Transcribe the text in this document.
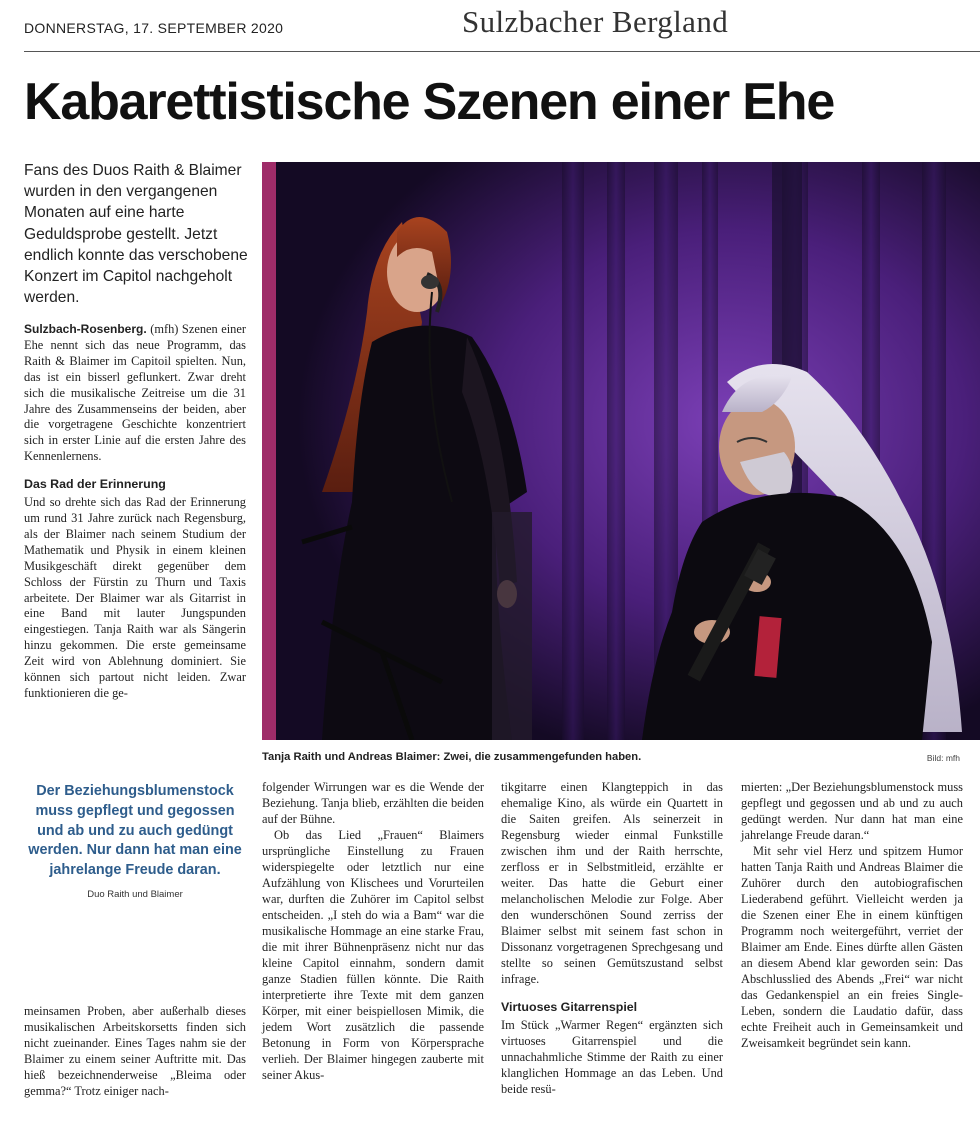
DONNERSTAG, 17. SEPTEMBER 2020	Sulzbacher Bergland
Kabarettistische Szenen einer Ehe
Fans des Duos Raith & Blaimer wurden in den vergangenen Monaten auf eine harte Geduldsprobe gestellt. Jetzt endlich konnte das verschobene Konzert im Capitol nachgeholt werden.

Sulzbach-Rosenberg. (mfh) Szenen einer Ehe nennt sich das neue Programm, das Raith & Blaimer im Capitoil spielten. Nun, das ist ein bisserl geflunkert. Zwar dreht sich die musikalische Zeitreise um die 31 Jahre des Zusammenseins der beiden, aber die vorgetragene Geschichte konzentriert sich in erster Linie auf die ersten Jahre des Kennenlernens.

Das Rad der Erinnerung

Und so drehte sich das Rad der Erinnerung um rund 31 Jahre zurück nach Regensburg, als der Blaimer nach seinem Studium der Mathematik und Physik in einem kleinen Musikgeschäft direkt gegenüber dem Schloss der Fürstin zu Thurn und Taxis arbeitete. Der Blaimer war als Gitarrist in eine Band mit lauter Jungspunden eingestiegen. Tanja Raith war als Sängerin hinzu gekommen. Die erste gemeinsame Zeit wird von Ablehnung dominiert. Sie können sich partout nicht leiden. Zwar funktionieren die ge-

Der Beziehungsblumenstock muss gepflegt und gegossen und ab und zu auch gedüngt werden. Nur dann hat man eine jahrelange Freude daran.
Duo Raith und Blaimer
meinsamen Proben, aber außerhalb dieses musikalischen Arbeitskorsetts finden sich nicht zueinander. Eines Tages nahm sie der Blaimer zu einem seiner Auftritte mit. Das hieß bezeichnenderweise „Bleima oder gemma?“ Trotz einiger nach-
Tanja Raith und Andreas Blaimer: Zwei, die zusammengefunden haben.	Bild: mfh

folgender Wirrungen war es die Wende der Beziehung. Tanja blieb, erzählten die beiden auf der Bühne.

Ob das Lied „Frauen“ Blaimers ursprüngliche Einstellung zu Frauen widerspiegelte oder letztlich nur eine Aufzählung von Klischees und Vorurteilen war, durften die Zuhörer im Capitol selbst entscheiden. „I steh do wia a Bam“ war die musikalische Hommage an eine starke Frau, die mit ihrer Bühnenpräsenz nicht nur das kleine Capitol einnahm, sondern damit ganze Stadien füllen könnte. Die Raith interpretierte ihre Texte mit dem ganzen Körper, mit einer beispiellosen Mimik, die jedem Wort zusätzlich die passende Betonung in Form von Körpersprache verlieh. Der Blaimer hingegen zauberte mit seiner Akus-

tikgitarre einen Klangteppich in das ehemalige Kino, als würde ein Quartett in die Saiten greifen. Als seinerzeit in Regensburg wieder einmal Funkstille zwischen ihm und der Raith herrschte, zerfloss er in Selbstmitleid, erzählte er weiter. Das hatte die Geburt einer melancholischen Melodie zur Folge. Aber den wunderschönen Sound zerriss der Blaimer selbst mit seinem fast schon in Dissonanz vorgetragenen Sprechgesang und stellte so seinen Gemütszustand selbst infrage.

Virtuoses Gitarrenspiel

Im Stück „Warmer Regen“ ergänzten sich virtuoses Gitarrenspiel und die unnachahmliche Stimme der Raith zu einer klanglichen Hommage an das Leben. Und beide resü-

mierten: „Der Beziehungsblumenstock muss gepflegt und gegossen und ab und zu auch gedüngt werden. Nur dann hat man eine jahrelange Freude daran.“

Mit sehr viel Herz und spitzem Humor hatten Tanja Raith und Andreas Blaimer die Zuhörer durch den autobiografischen Liederabend geführt. Vielleicht werden ja die Szenen einer Ehe in einem künftigen Programm noch weitergeführt, verriet der Blaimer am Ende. Eines dürfte allen Gästen an diesem Abend klar geworden sein: Das Abschlusslied des Abends „Frei“ war nicht das Gedankenspiel an ein freies Single-Leben, sondern die Laudatio dafür, dass echte Freiheit auch in Gemeinsamkeit und Zweisamkeit begründet sein kann.
